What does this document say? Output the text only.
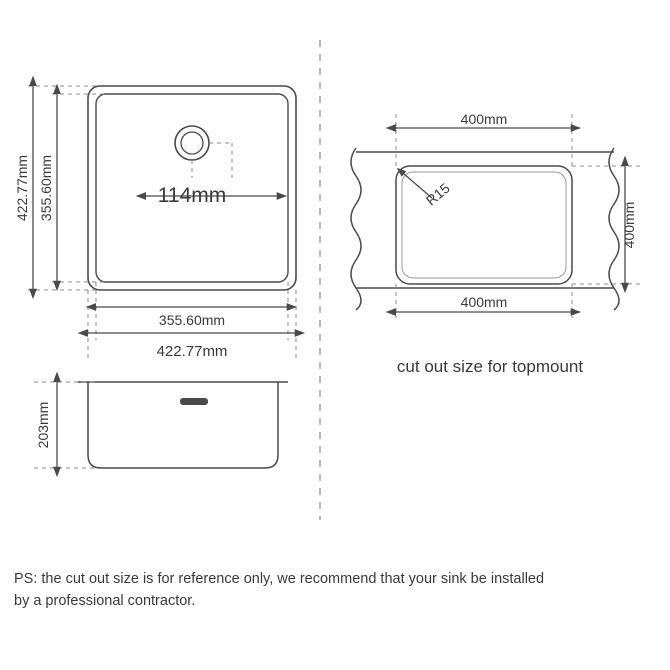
422.77mm 355.60mm	114mm
355.60mm
422.77mm
203mm
R15
400mm
400mm
400mm
cut out size for topmount
PS: the cut out size is for reference only, we recommend that your sink be installed
by a professional contractor.
